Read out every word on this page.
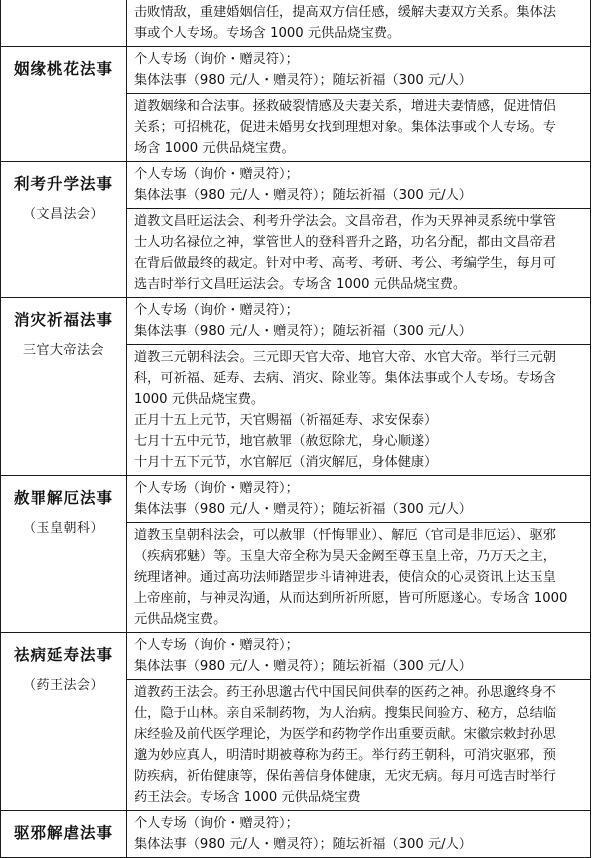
击败情敌，重建婚姻信任，提高双方信任感，缓解夫妻双方关系。集体法
事或个人专场。专场含 1000 元供品烧宝费。
姻缘桃花法事
个人专场（询价・赠灵符）；
集体法事（980 元/人・赠灵符）；随坛祈福（300 元/人）
道教姻缘和合法事。拯救破裂情感及夫妻关系，增进夫妻情感，促进情侣
关系；可招桃花，促进未婚男女找到理想对象。集体法事或个人专场。专
场含 1000 元供品烧宝费。
利考升学法事
（文昌法会）
个人专场（询价・赠灵符）；
集体法事（980 元/人・赠灵符）；随坛祈福（300 元/人）
道教文昌旺运法会、利考升学法会。文昌帝君，作为天界神灵系统中掌管
士人功名禄位之神，掌管世人的登科晋升之路，功名分配，都由文昌帝君
在背后做最终的裁定。针对中考、高考、考研、考公、考编学生，每月可
选吉时举行文昌旺运法会。专场含 1000 元供品烧宝费。
消灾祈福法事
三官大帝法会
个人专场（询价・赠灵符）；
集体法事（980 元/人・赠灵符）；随坛祈福（300 元/人）
道教三元朝科法会。三元即天官大帝、地官大帝、水官大帝。举行三元朝
科，可祈福、延寿、去病、消灾、除业等。集体法事或个人专场。专场含
1000 元供品烧宝费。
正月十五上元节，天官赐福（祈福延寿、求安保泰）
七月十五中元节，地官赦罪（赦愆除尤，身心顺遂）
十月十五下元节，水官解厄（消灾解厄，身体健康）
赦罪解厄法事
（玉皇朝科）
个人专场（询价・赠灵符）；
集体法事（980 元/人・赠灵符）；随坛祈福（300 元/人）
道教玉皇朝科法会，可以赦罪（忏悔罪业）、解厄（官司是非厄运）、驱邪
（疾病邪魅）等。玉皇大帝全称为昊天金阙至尊玉皇上帝，乃万天之主，
统理诸神。通过高功法师踏罡步斗请神进表，使信众的心灵资讯上达玉皇
上帝座前，与神灵沟通，从而达到所祈所愿，皆可所愿遂心。专场含 1000
元供品烧宝费。
祛病延寿法事
（药王法会）
个人专场（询价・赠灵符）；
集体法事（980 元/人・赠灵符）；随坛祈福（300 元/人）
道教药王法会。药王孙思邈古代中国民间供奉的医药之神。孙思邈终身不
仕，隐于山林。亲自采制药物，为人治病。搜集民间验方、秘方，总结临
床经验及前代医学理论，为医学和药物学作出重要贡献。宋徽宗敕封孙思
邈为妙应真人，明清时期被尊称为药王。举行药王朝科，可消灾驱邪，预
防疾病，祈佑健康等，保佑善信身体健康，无灾无病。每月可选吉时举行
药王法会。专场含 1000 元供品烧宝费
驱邪解虐法事
个人专场（询价・赠灵符）；
集体法事（980 元/人・赠灵符）；随坛祈福（300 元/人）
